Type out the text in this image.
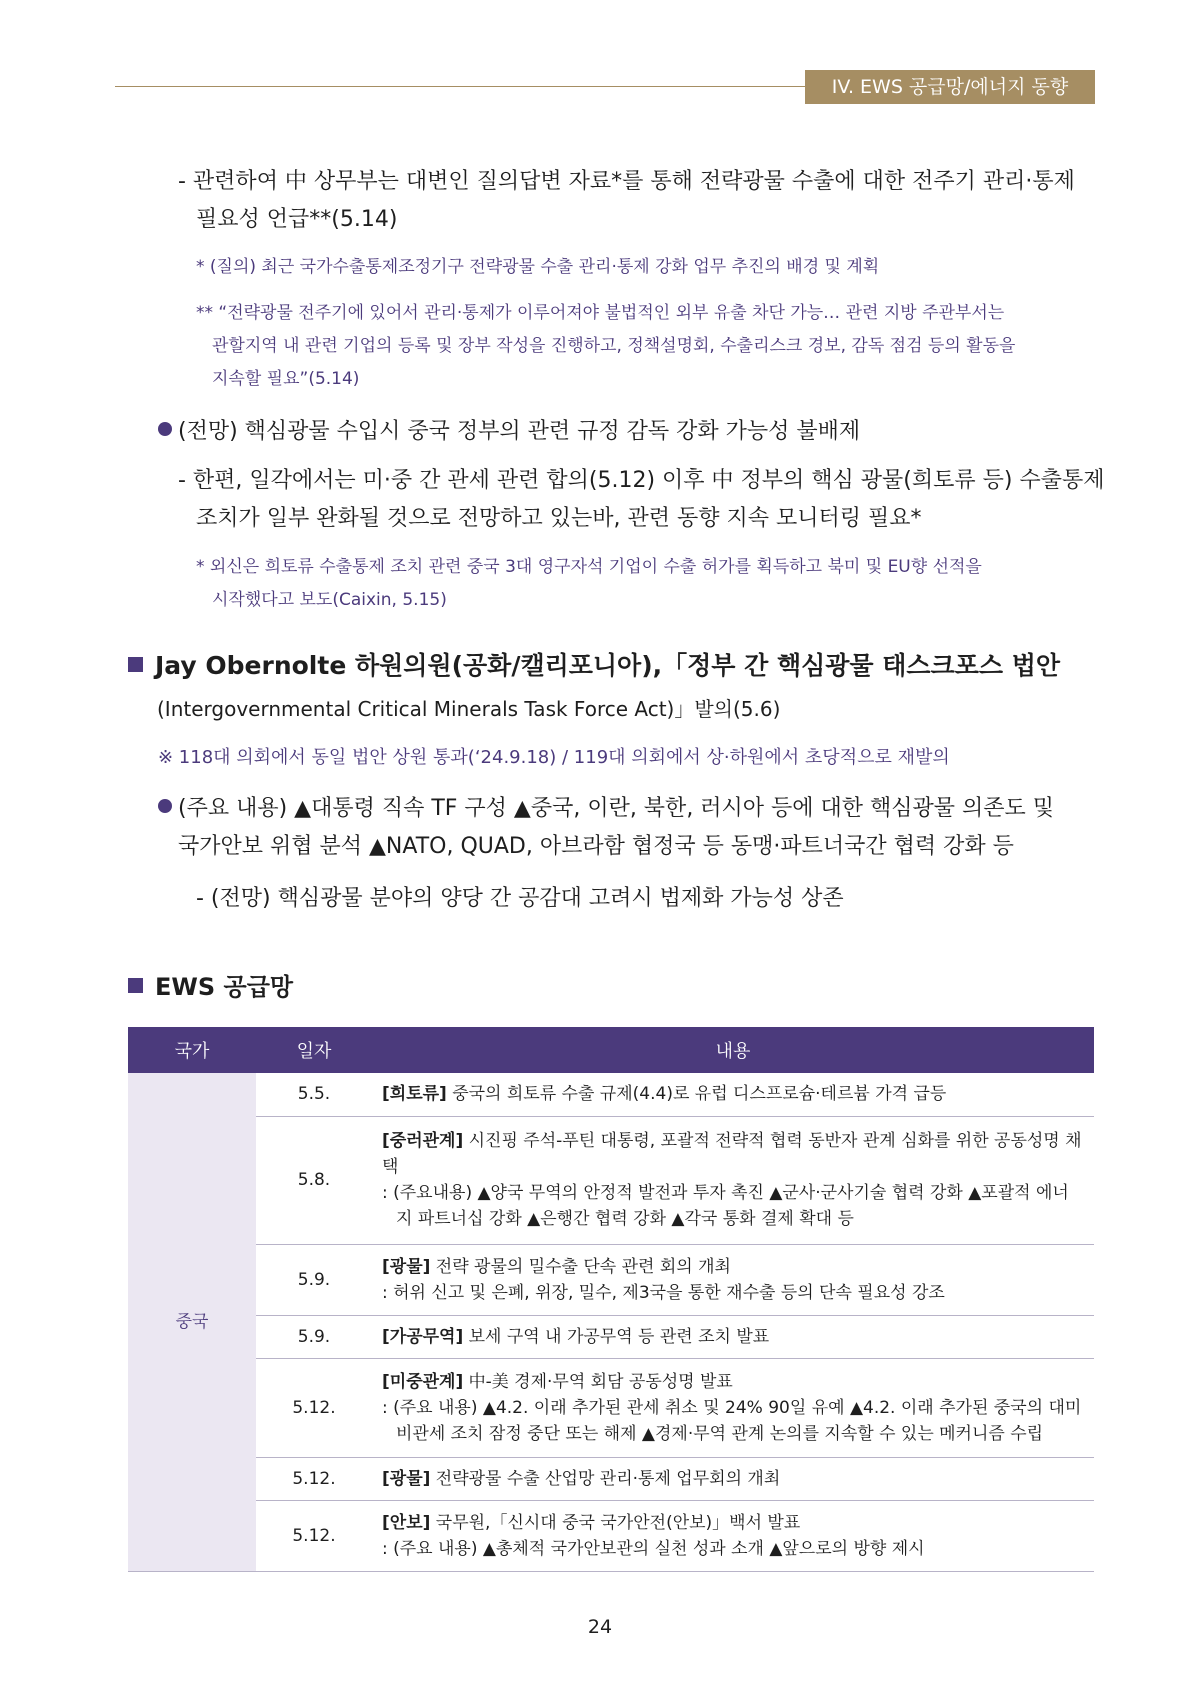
IV. EWS 공급망/에너지 동향
- 관련하여 中 상무부는 대변인 질의답변 자료*를 통해 전략광물 수출에 대한 전주기 관리·통제
필요성 언급**(5.14)
* (질의) 최근 국가수출통제조정기구 전략광물 수출 관리·통제 강화 업무 추진의 배경 및 계획
** “전략광물 전주기에 있어서 관리·통제가 이루어져야 불법적인 외부 유출 차단 가능… 관련 지방 주관부서는
관할지역 내 관련 기업의 등록 및 장부 작성을 진행하고, 정책설명회, 수출리스크 경보, 감독 점검 등의 활동을
지속할 필요”(5.14)
(전망) 핵심광물 수입시 중국 정부의 관련 규정 감독 강화 가능성 불배제
- 한편, 일각에서는 미·중 간 관세 관련 합의(5.12) 이후 中 정부의 핵심 광물(희토류 등) 수출통제
조치가 일부 완화될 것으로 전망하고 있는바, 관련 동향 지속 모니터링 필요*
* 외신은 희토류 수출통제 조치 관련 중국 3대 영구자석 기업이 수출 허가를 획득하고 북미 및 EU향 선적을
시작했다고 보도(Caixin, 5.15)
Jay Obernolte 하원의원(공화/캘리포니아),「정부 간 핵심광물 태스크포스 법안
(Intergovernmental Critical Minerals Task Force Act)」발의(5.6)
※ 118대 의회에서 동일 법안 상원 통과(‘24.9.18) / 119대 의회에서 상·하원에서 초당적으로 재발의
(주요 내용) ▲대통령 직속 TF 구성 ▲중국, 이란, 북한, 러시아 등에 대한 핵심광물 의존도 및
국가안보 위협 분석 ▲NATO, QUAD, 아브라함 협정국 등 동맹·파트너국간 협력 강화 등
- (전망) 핵심광물 분야의 양당 간 공감대 고려시 법제화 가능성 상존
EWS 공급망
국가	일자	내용
중국	5.5.	[희토류] 중국의 희토류 수출 규제(4.4)로 유럽 디스프로슘·테르븀 가격 급등
	5.8.	[중러관계] 시진핑 주석-푸틴 대통령, 포괄적 전략적 협력 동반자 관계 심화를 위한 공동성명 채택
: (주요내용) ▲양국 무역의 안정적 발전과 투자 촉진 ▲군사·군사기술 협력 강화 ▲포괄적 에너지 파트너십 강화 ▲은행간 협력 강화 ▲각국 통화 결제 확대 등

	5.9.	[광물] 전략 광물의 밀수출 단속 관련 회의 개최
: 허위 신고 및 은폐, 위장, 밀수, 제3국을 통한 재수출 등의 단속 필요성 강조

	5.9.	[가공무역] 보세 구역 내 가공무역 등 관련 조치 발표
	5.12.	[미중관계] 中-美 경제·무역 회담 공동성명 발표
: (주요 내용) ▲4.2. 이래 추가된 관세 취소 및 24% 90일 유예 ▲4.2. 이래 추가된 중국의 대미 비관세 조치 잠정 중단 또는 해제 ▲경제·무역 관계 논의를 지속할 수 있는 메커니즘 수립

	5.12.	[광물] 전략광물 수출 산업망 관리·통제 업무회의 개최
	5.12.	[안보] 국무원,「신시대 중국 국가안전(안보)」백서 발표
: (주요 내용) ▲총체적 국가안보관의 실천 성과 소개 ▲앞으로의 방향 제시
24
